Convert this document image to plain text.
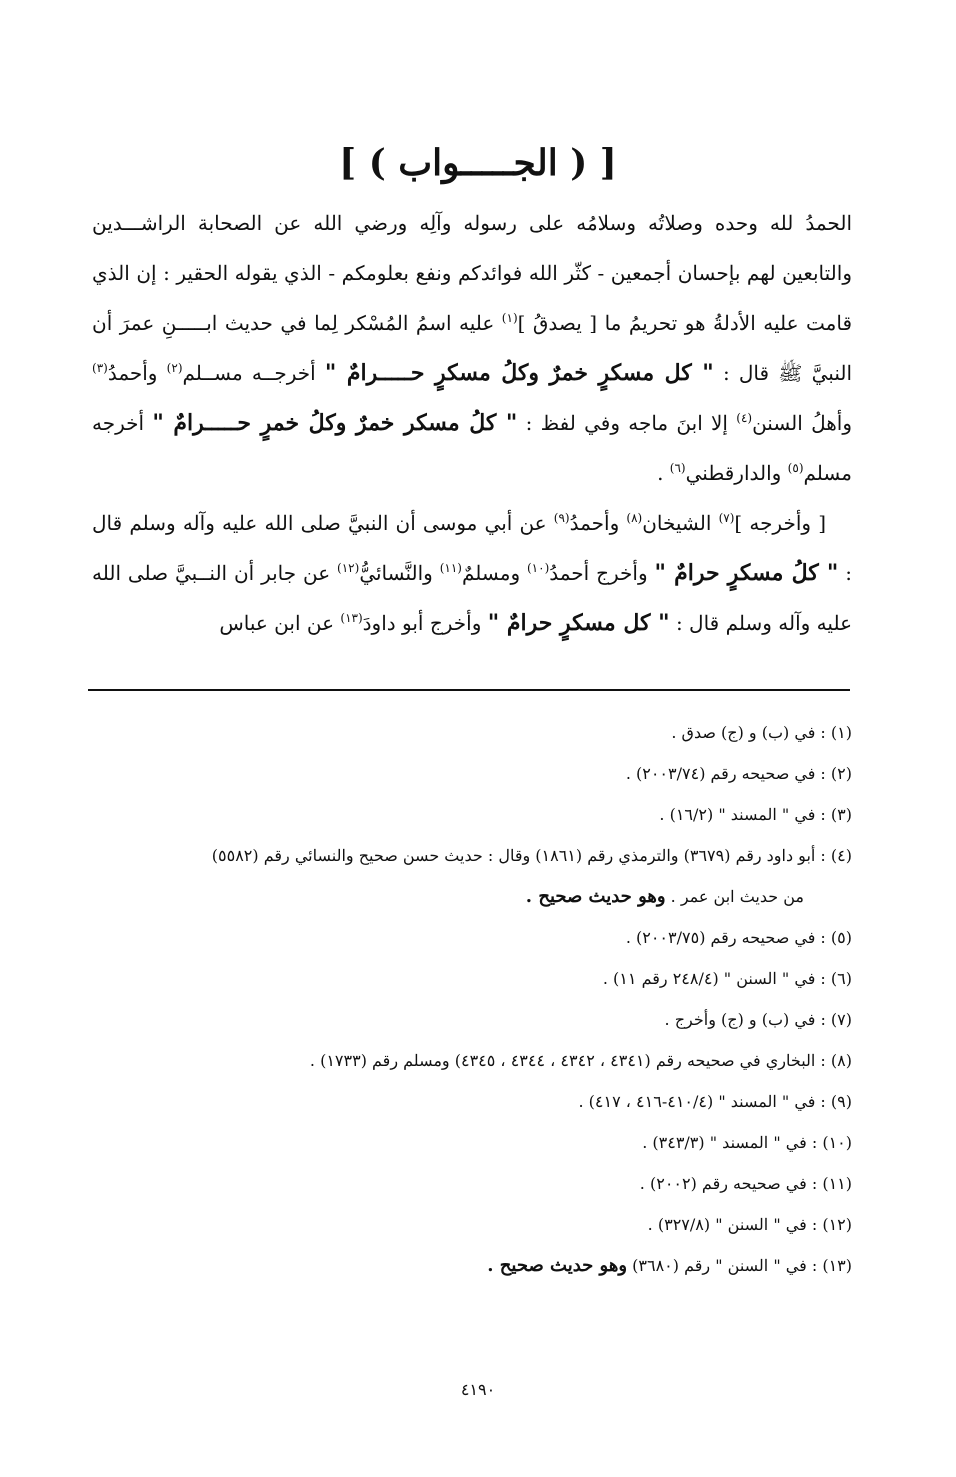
[ ( الجـــــواب ) ]

الحمدُ لله وحده وصلاتُه وسلامُه على رسوله وآلِه ورضي الله عن الصحابة الراشـــدين والتابعين لهم بإحسان أجمعين - كثّر الله فوائدكم ونفع بعلومكم - الذي يقوله الحقير : إن الذي قامت عليه الأدلةُ هو تحريمُ ما [ يصدقُ ]$^{(١)}$ عليه اسمُ المُسْكر لِما في حديث ابـــــنِ عمرَ أن النبيَّ ﷺ قال : " كل مسكرٍ خمرٌ وكلُ مسكرٍ حـــــرامٌ " أخرجــه مســلم$^{(٢)}$ وأحمدُ$^{(٣)}$ وأهلُ السنن$^{(٤)}$ إلا ابنَ ماجه وفي لفظ : " كلُ مسكر خمرٌ وكلُ خمرٍ حـــــرامٌ " أخرجه مسلم$^{(٥)}$ والدارقطني$^{(٦)}$ .

[ وأخرجه ]$^{(٧)}$ الشيخان$^{(٨)}$ وأحمدُ$^{(٩)}$ عن أبي موسى أن النبيَّ صلى الله عليه وآله وسلم قال : " كلُ مسكرٍ حرامٌ " وأخرج أحمدُ$^{(١٠)}$ ومسلمٌ$^{(١١)}$ والنَّسائيُّ$^{(١٢)}$ عن جابر أن النــبيَّ صلى الله عليه وآله وسلم قال : " كل مسكرٍ حرامٌ " وأخرج أبو داودَ$^{(١٣)}$ عن ابن عباس

(١) : في (ب) و (ج) صدق .

(٢) : في صحيحه رقم (٢٠٠٣/٧٤) .

(٣) : في " المسند " (١٦/٢) .

(٤) : أبو داود رقم (٣٦٧٩) والترمذي رقم (١٨٦١) وقال : حديث حسن صحيح والنسائي رقم (٥٥٨٢)

من حديث ابن عمر . وهو حديث صحيح .

(٥) : في صحيحه رقم (٢٠٠٣/٧٥) .

(٦) : في " السنن " (٢٤٨/٤ رقم ١١) .

(٧) : في (ب) و (ج) وأخرج .

(٨) : البخاري في صحيحه رقم (٤٣٤١ ، ٤٣٤٢ ، ٤٣٤٤ ، ٤٣٤٥) ومسلم رقم (١٧٣٣) .

(٩) : في " المسند " (٤١٠/٤-٤١٦ ، ٤١٧) .

(١٠) : في " المسند " (٣٤٣/٣) .

(١١) : في صحيحه رقم (٢٠٠٢) .

(١٢) : في " السنن " (٣٢٧/٨) .

(١٣) : في " السنن " رقم (٣٦٨٠) وهو حديث صحيح .

٤١٩٠
